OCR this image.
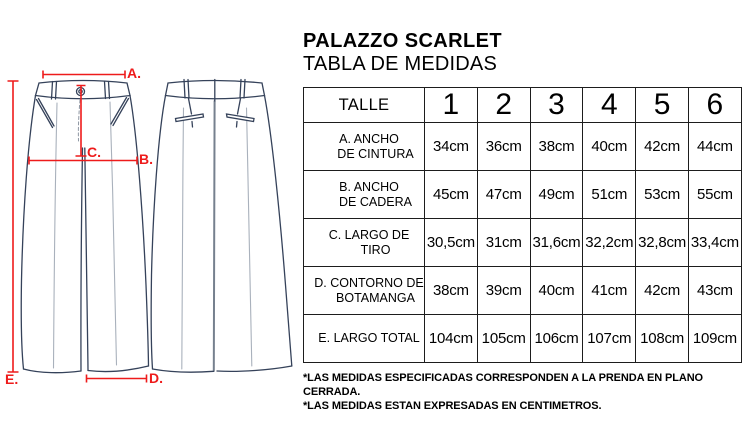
A.
B.
C.
D.
E.
PALAZZO SCARLET
TABLA DE MEDIDAS
TALLE	1	2	3	4	5	6

A. ANCHO
DE CINTURA	34cm	36cm	38cm	40cm	42cm	44cm

B. ANCHO
DE CADERA	45cm	47cm	49cm	51cm	53cm	55cm

C. LARGO DE
TIRO	30,5cm	31cm	31,6cm	32,2cm	32,8cm	33,4cm

D. CONTORNO DE
BOTAMANGA	38cm	39cm	40cm	41cm	42cm	43cm

E. LARGO TOTAL	104cm	105cm	106cm	107cm	108cm	109cm
*LAS MEDIDAS ESPECIFICADAS CORRESPONDEN A LA PRENDA EN PLANO CERRADA.
*LAS MEDIDAS ESTAN EXPRESADAS EN CENTIMETROS.
